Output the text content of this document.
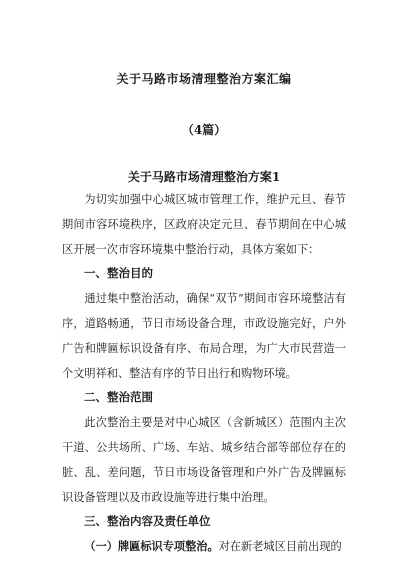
关于马路市场清理整治方案汇编
（4篇）
关于马路市场清理整治方案1
为切实加强中心城区城市管理工作，维护元旦、春节期间市容环境秩序，区政府决定元旦、春节期间在中心城区开展一次市容环境集中整治行动，具体方案如下：
一、整治目的
通过集中整治活动，确保“双节”期间市容环境整洁有序，道路畅通，节日市场设备合理，市政设施完好，户外广告和牌匾标识设备有序、布局合理，为广大市民营造一个文明祥和、整洁有序的节日出行和购物环境。
二、整治范围
此次整治主要是对中心城区（含新城区）范围内主次干道、公共场所、广场、车站、城乡结合部等部位存在的脏、乱、差问题，节日市场设备管理和户外广告及牌匾标识设备管理以及市政设施等进行集中治理。
三、整治内容及责任单位
（一）牌匾标识专项整治。对在新老城区目前出现的
